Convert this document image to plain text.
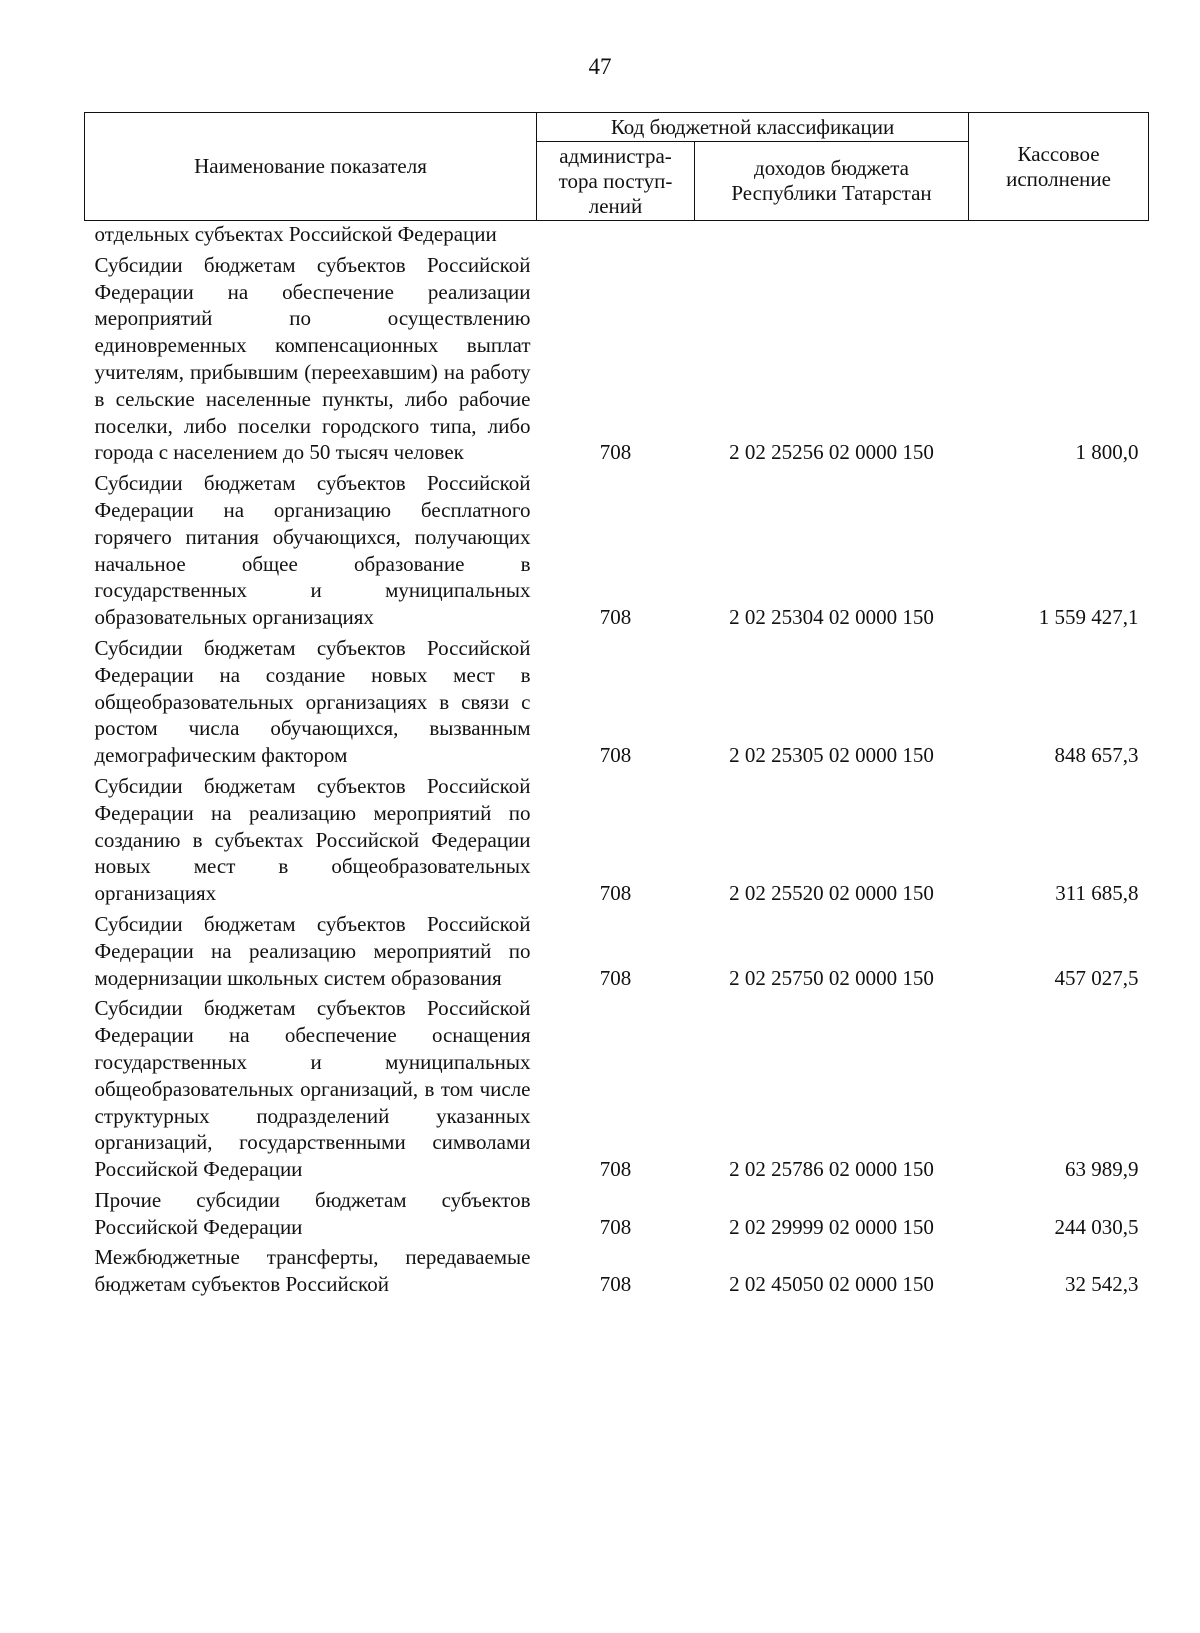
47
Наименование показателя	Код бюджетной классификации		Кассовое исполнение
	администра-тора поступ-лений	доходов бюджета Республики Татарстан	
отдельных субъектах Российской Федерации			
Субсидии бюджетам субъектов Российской Федерации на обеспечение реализации мероприятий по осуществлению единовременных компенсационных выплат учителям, прибывшим (переехавшим) на работу в сельские населенные пункты, либо рабочие поселки, либо поселки городского типа, либо города с населением до 50 тысяч человек	708	2 02 25256 02 0000 150	1 800,0
Субсидии бюджетам субъектов Российской Федерации на организацию бесплатного горячего питания обучающихся, получающих начальное общее образование в государственных и муниципальных образовательных организациях	708	2 02 25304 02 0000 150	1 559 427,1
Субсидии бюджетам субъектов Российской Федерации на создание новых мест в общеобразовательных организациях в связи с ростом числа обучающихся, вызванным демографическим фактором	708	2 02 25305 02 0000 150	848 657,3
Субсидии бюджетам субъектов Российской Федерации на реализацию мероприятий по созданию в субъектах Российской Федерации новых мест в общеобразовательных организациях	708	2 02 25520 02 0000 150	311 685,8
Субсидии бюджетам субъектов Российской Федерации на реализацию мероприятий по модернизации школьных систем образования	708	2 02 25750 02 0000 150	457 027,5
Субсидии бюджетам субъектов Российской Федерации на обеспечение оснащения государственных и муниципальных общеобразовательных организаций, в том числе структурных подразделений указанных организаций, государственными символами Российской Федерации	708	2 02 25786 02 0000 150	63 989,9
Прочие субсидии бюджетам субъектов Российской Федерации	708	2 02 29999 02 0000 150	244 030,5
Межбюджетные трансферты, передаваемые бюджетам субъектов Российской	708	2 02 45050 02 0000 150	32 542,3
